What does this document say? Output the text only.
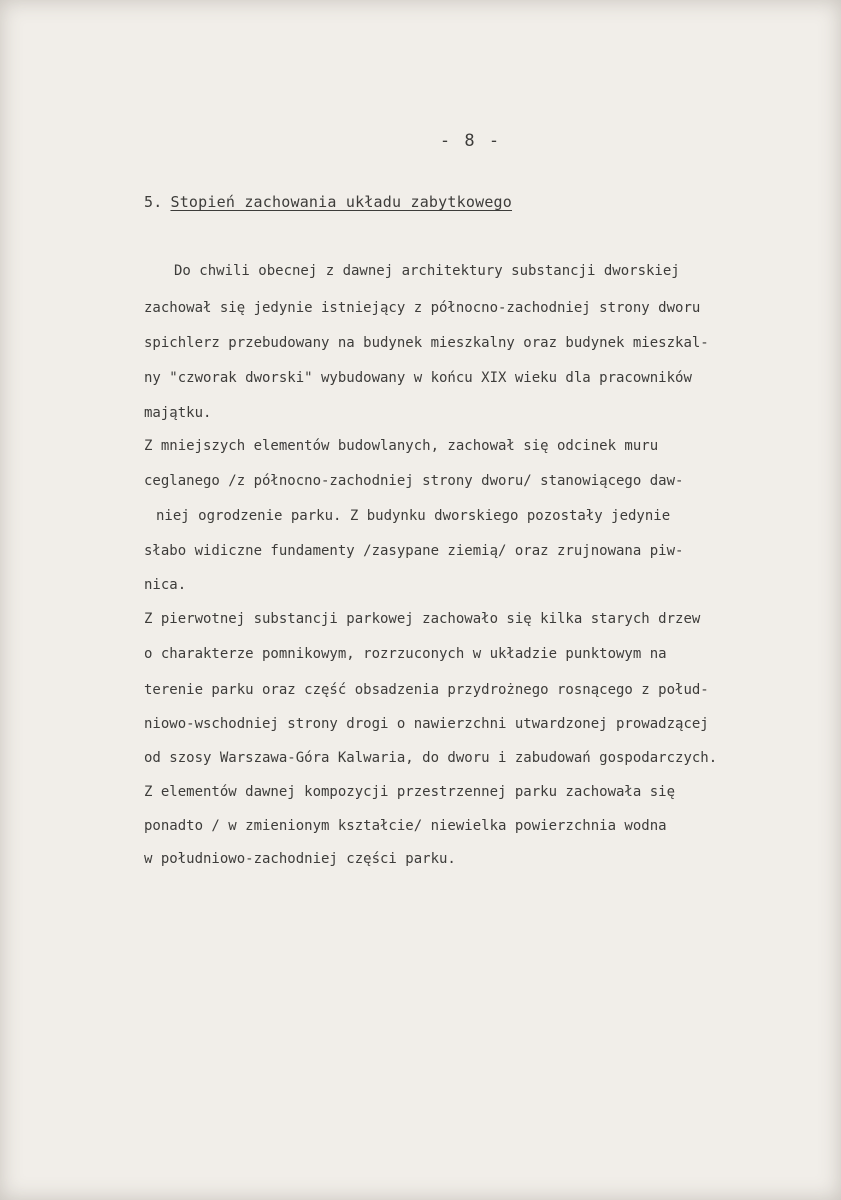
- 8 -
5. Stopień zachowania układu zabytkowego
Do chwili obecnej z dawnej architektury substancji dworskiej
zachował się jedynie istniejący z północno-zachodniej strony dworu
spichlerz przebudowany na budynek mieszkalny oraz budynek mieszkal-
ny "czworak dworski" wybudowany w końcu XIX wieku dla pracowników
majątku.
Z mniejszych elementów budowlanych, zachował się odcinek muru
ceglanego /z północno-zachodniej strony dworu/ stanowiącego daw-
niej ogrodzenie parku. Z budynku dworskiego pozostały jedynie
słabo widiczne fundamenty /zasypane ziemią/ oraz zrujnowana piw-
nica.
Z pierwotnej substancji parkowej zachowało się kilka starych drzew
o charakterze pomnikowym, rozrzuconych w układzie punktowym na
terenie parku oraz część obsadzenia przydrożnego rosnącego z połud-
niowo-wschodniej strony drogi o nawierzchni utwardzonej prowadzącej
od szosy Warszawa-Góra Kalwaria, do dworu i zabudowań gospodarczych.
Z elementów dawnej kompozycji przestrzennej parku zachowała się
ponadto / w zmienionym kształcie/ niewielka powierzchnia wodna
w południowo-zachodniej części parku.
